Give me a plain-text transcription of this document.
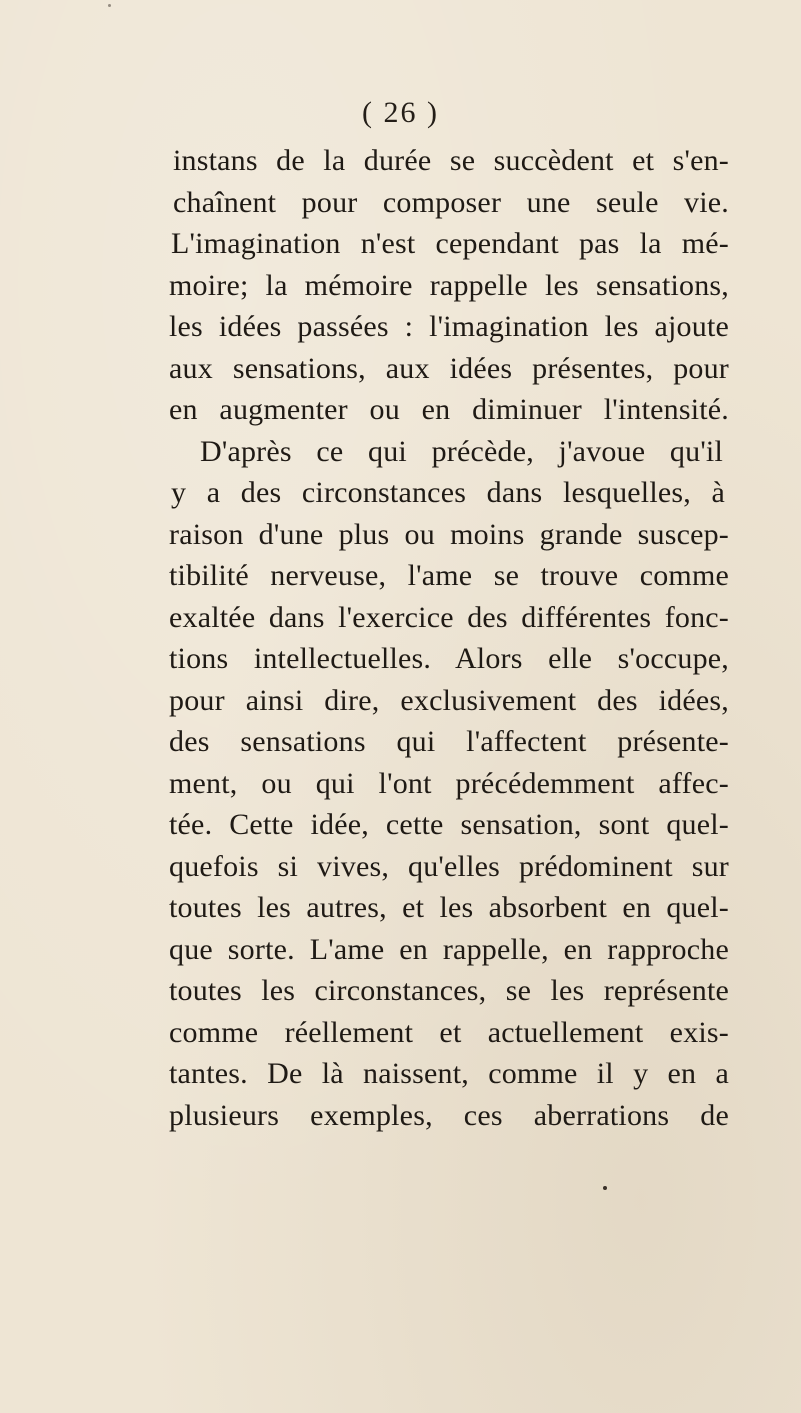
( 26 )
instans de la durée se succèdent et s'en-
chaînent pour composer une seule vie.
L'imagination n'est cependant pas la mé-
moire; la mémoire rappelle les sensations,
les idées passées : l'imagination les ajoute
aux sensations, aux idées présentes, pour
en augmenter ou en diminuer l'intensité.
D'après ce qui précède, j'avoue qu'il
y a des circonstances dans lesquelles, à
raison d'une plus ou moins grande suscep-
tibilité nerveuse, l'ame se trouve comme
exaltée dans l'exercice des différentes fonc-
tions intellectuelles. Alors elle s'occupe,
pour ainsi dire, exclusivement des idées,
des sensations qui l'affectent présente-
ment, ou qui l'ont précédemment affec-
tée. Cette idée, cette sensation, sont quel-
quefois si vives, qu'elles prédominent sur
toutes les autres, et les absorbent en quel-
que sorte. L'ame en rappelle, en rapproche
toutes les circonstances, se les représente
comme réellement et actuellement exis-
tantes. De là naissent, comme il y en a
plusieurs exemples, ces aberrations de
